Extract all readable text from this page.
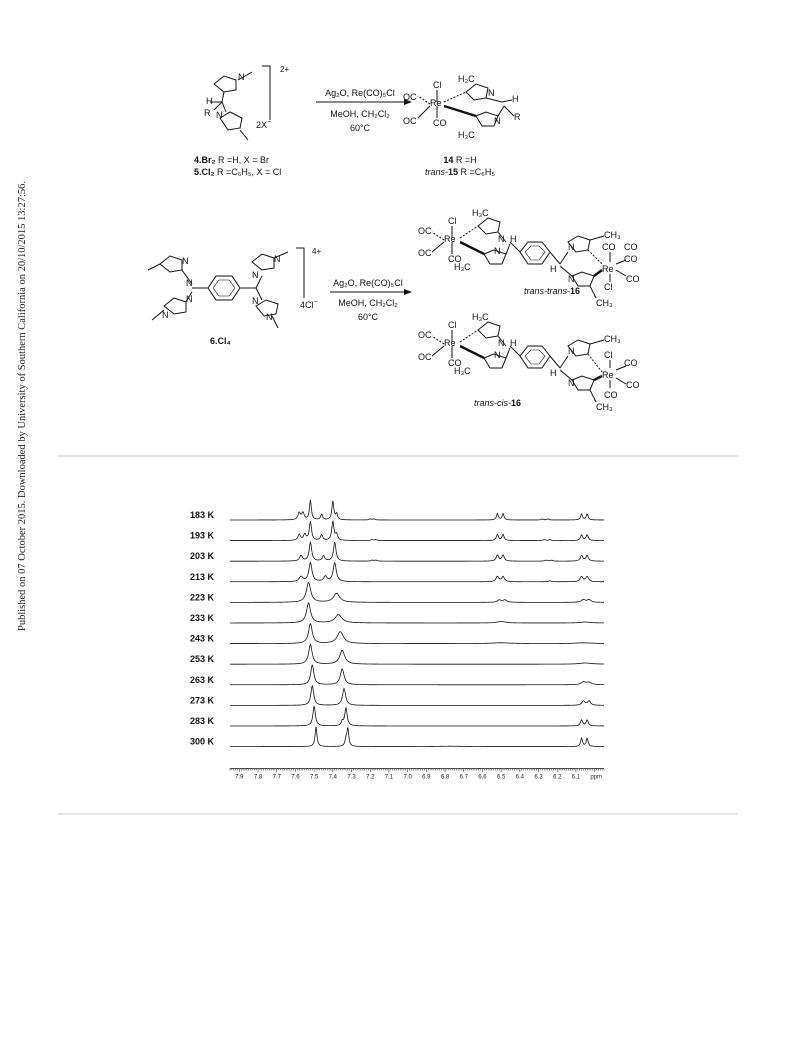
Published on 07 October 2015. Downloaded by University of Southern California on 20/10/2015 13:27:56.
N
N
H
R
2+
2X−
Ag₂O, Re(CO)₅Cl
MeOH, CH₂Cl₂
60°C
Re
Cl
CO
OC
OC
H₃C
H₃C
N
N
H
R
4.Br₂ R =H, X = Br
5.Cl₂ R =C₆H₅, X = Cl
14 R =H
trans-15 R =C₆H₅
N
N
N
N
N
N
N
N
4+
4Cl−
6.Cl₄
Ag₂O, Re(CO)₅Cl
MeOH, CH₂Cl₂
60°C
Re
Cl
CO
OC
OC
H₃C
H₃C
N
N
H
H
N
N
CH₃
CH₃
Re
CO CO
CO
CO
Cl
trans-trans-16
Re
Cl
CO
OC
OC
H₃C
H₃C
N
N
H
H
N
N
CH₃
CH₃
Re
Cl
CO
CO
CO
trans-cis-16
183 K
193 K
203 K
213 K
223 K
233 K
243 K
253 K
263 K
273 K
283 K
300 K
7.9 7.8 7.7 7.6 7.5 7.4 7.3 7.2 7.1 7.0 6.9 6.8 6.7 6.6 6.5 6.4 6.3 6.2 6.1 ppm
